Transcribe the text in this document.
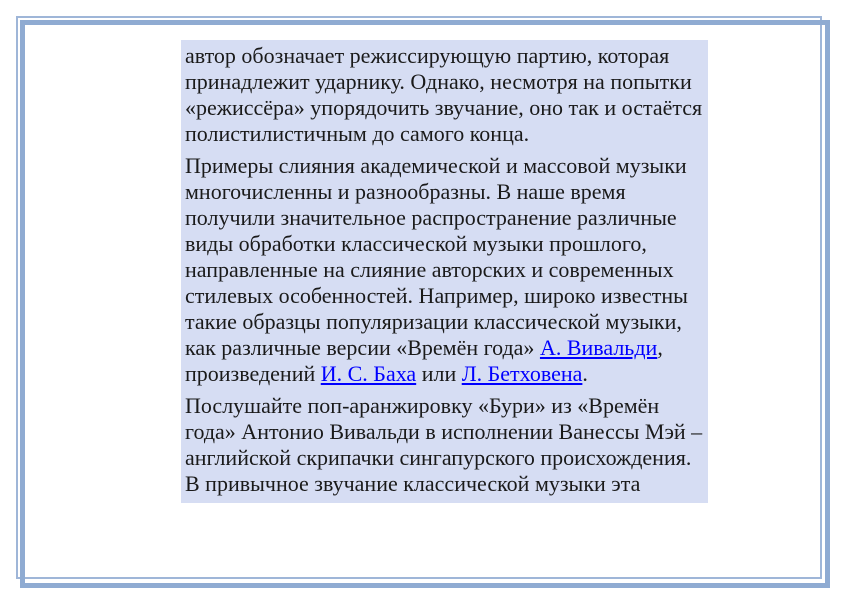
автор обозначает режиссирующую партию, которая принадлежит ударнику. Однако, несмотря на попытки «режиссёра» упорядочить звучание, оно так и остаётся полистилистичным до самого конца.

Примеры слияния академической и массовой музыки многочисленны и разнообразны. В наше время получили значительное распространение различные виды обработки классической музыки прошлого, направленные на слияние авторских и современных стилевых особенностей. Например, широко известны такие образцы популяризации классической музыки, как различные версии «Времён года» А. Вивальди, произведений И. С. Баха или Л. Бетховена.

Послушайте поп-аранжировку «Бури» из «Времён года» Антонио Вивальди в исполнении Ванессы Мэй – английской скрипачки сингапурского происхождения. В привычное звучание классической музыки эта
